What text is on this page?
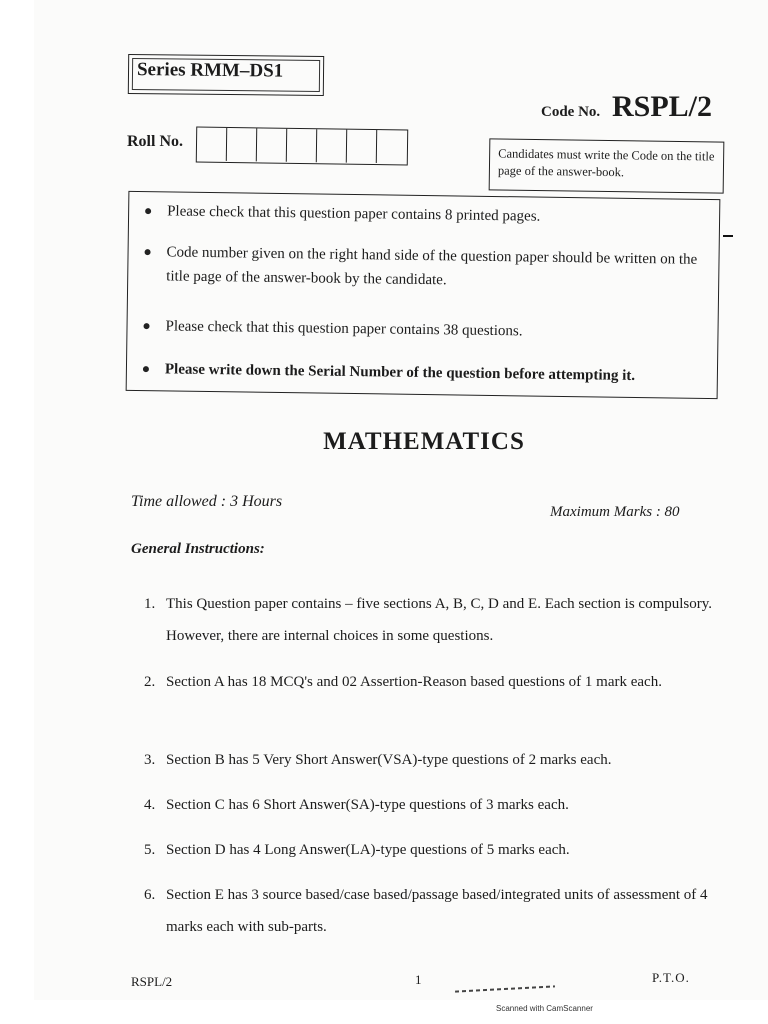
Series RMM–DS1
Code No. RSPL/2
Roll No.
Candidates must write the Code on the title page of the answer-book.
Please check that this question paper contains 8 printed pages.
Code number given on the right hand side of the question paper should be written on the title page of the answer-book by the candidate.
Please check that this question paper contains 38 questions.
Please write down the Serial Number of the question before attempting it.
MATHEMATICS
Time allowed : 3 Hours
Maximum Marks : 80
General Instructions:
1. This Question paper contains – five sections A, B, C, D and E. Each section is compulsory. However, there are internal choices in some questions.
2. Section A has 18 MCQ's and 02 Assertion-Reason based questions of 1 mark each.
3. Section B has 5 Very Short Answer(VSA)-type questions of 2 marks each.
4. Section C has 6 Short Answer(SA)-type questions of 3 marks each.
5. Section D has 4 Long Answer(LA)-type questions of 5 marks each.
6. Section E has 3 source based/case based/passage based/integrated units of assessment of 4 marks each with sub-parts.
RSPL/2	1	P.T.O.
Scanned with CamScanner
